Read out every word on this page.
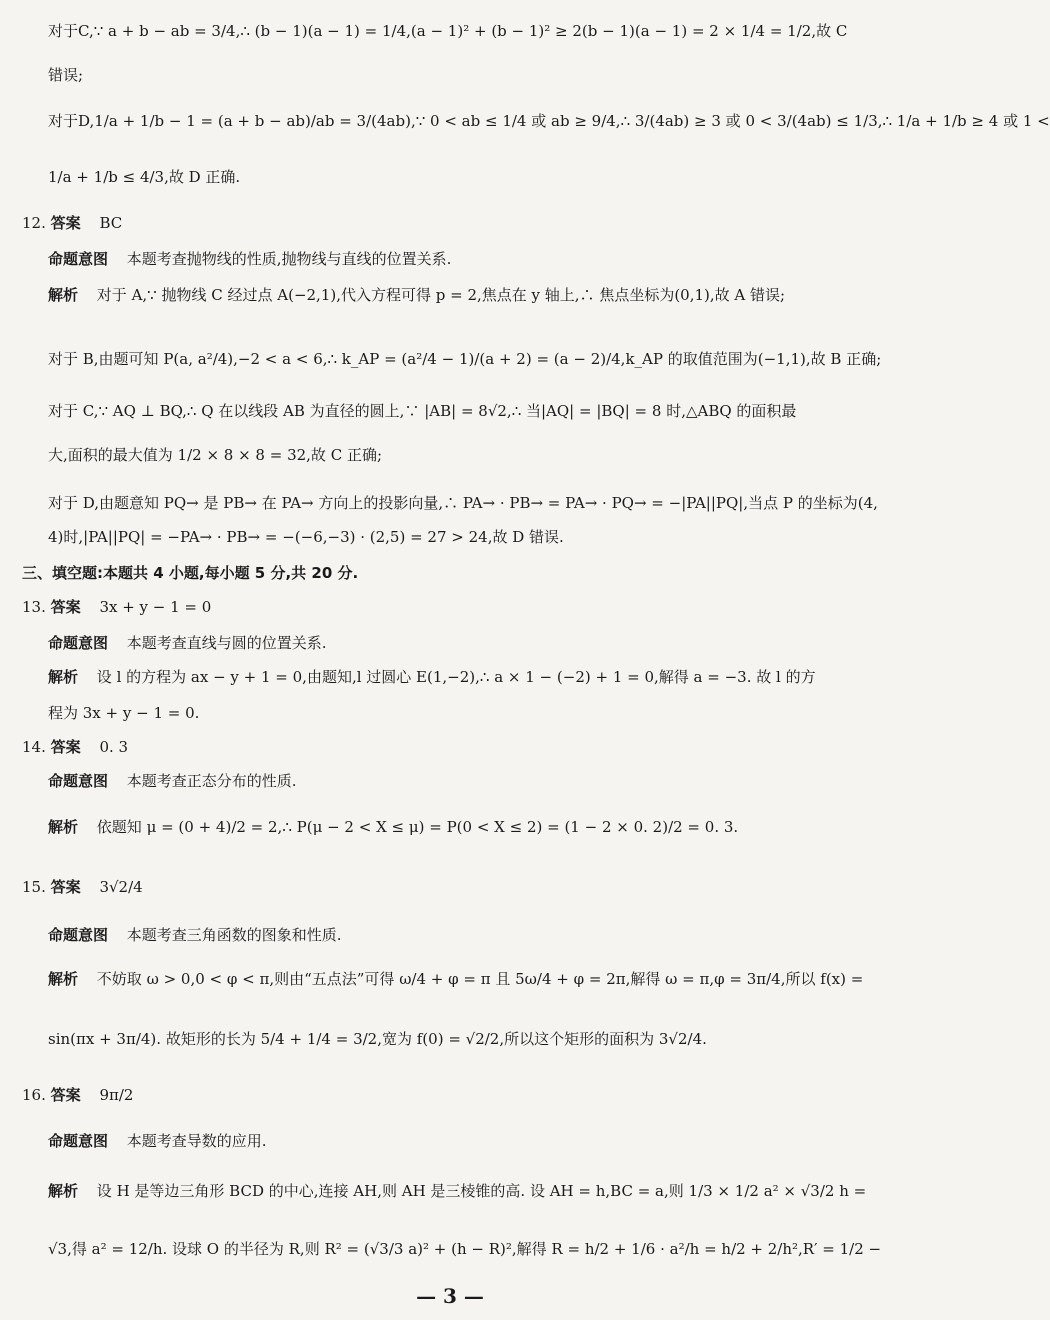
对于C,∵ a + b − ab = 3/4,∴ (b − 1)(a − 1) = 1/4,(a − 1)² + (b − 1)² ≥ 2(b − 1)(a − 1) = 2 × 1/4 = 1/2,故 C
错误;
对于D,1/a + 1/b − 1 = (a + b − ab)/ab = 3/(4ab),∵ 0 < ab ≤ 1/4 或 ab ≥ 9/4,∴ 3/(4ab) ≥ 3 或 0 < 3/(4ab) ≤ 1/3,∴ 1/a + 1/b ≥ 4 或 1 <
1/a + 1/b ≤ 4/3,故 D 正确.
12. 答案 BC
命题意图 本题考查抛物线的性质,抛物线与直线的位置关系.
解析 对于 A,∵ 抛物线 C 经过点 A(−2,1),代入方程可得 p = 2,焦点在 y 轴上,∴ 焦点坐标为(0,1),故 A 错误;
对于 B,由题可知 P(a, a²/4),−2 < a < 6,∴ k_AP = (a²/4 − 1)/(a + 2) = (a − 2)/4,k_AP 的取值范围为(−1,1),故 B 正确;
对于 C,∵ AQ ⊥ BQ,∴ Q 在以线段 AB 为直径的圆上,∵ |AB| = 8√2,∴ 当|AQ| = |BQ| = 8 时,△ABQ 的面积最
大,面积的最大值为 1/2 × 8 × 8 = 32,故 C 正确;
对于 D,由题意知 PQ→ 是 PB→ 在 PA→ 方向上的投影向量,∴ PA→ · PB→ = PA→ · PQ→ = −|PA||PQ|,当点 P 的坐标为(4,
4)时,|PA||PQ| = −PA→ · PB→ = −(−6,−3) · (2,5) = 27 > 24,故 D 错误.
三、填空题:本题共 4 小题,每小题 5 分,共 20 分.
13. 答案 3x + y − 1 = 0
命题意图 本题考查直线与圆的位置关系.
解析 设 l 的方程为 ax − y + 1 = 0,由题知,l 过圆心 E(1,−2),∴ a × 1 − (−2) + 1 = 0,解得 a = −3. 故 l 的方
程为 3x + y − 1 = 0.
14. 答案 0. 3
命题意图 本题考查正态分布的性质.
解析 依题知 μ = (0 + 4)/2 = 2,∴ P(μ − 2 < X ≤ μ) = P(0 < X ≤ 2) = (1 − 2 × 0. 2)/2 = 0. 3.
15. 答案 3√2/4
命题意图 本题考查三角函数的图象和性质.
解析 不妨取 ω > 0,0 < φ < π,则由“五点法”可得 ω/4 + φ = π 且 5ω/4 + φ = 2π,解得 ω = π,φ = 3π/4,所以 f(x) =
sin(πx + 3π/4). 故矩形的长为 5/4 + 1/4 = 3/2,宽为 f(0) = √2/2,所以这个矩形的面积为 3√2/4.
16. 答案 9π/2
命题意图 本题考查导数的应用.
解析 设 H 是等边三角形 BCD 的中心,连接 AH,则 AH 是三棱锥的高. 设 AH = h,BC = a,则 1/3 × 1/2 a² × √3/2 h =
√3,得 a² = 12/h. 设球 O 的半径为 R,则 R² = (√3/3 a)² + (h − R)²,解得 R = h/2 + 1/6 · a²/h = h/2 + 2/h²,R′ = 1/2 −
— 3 —
